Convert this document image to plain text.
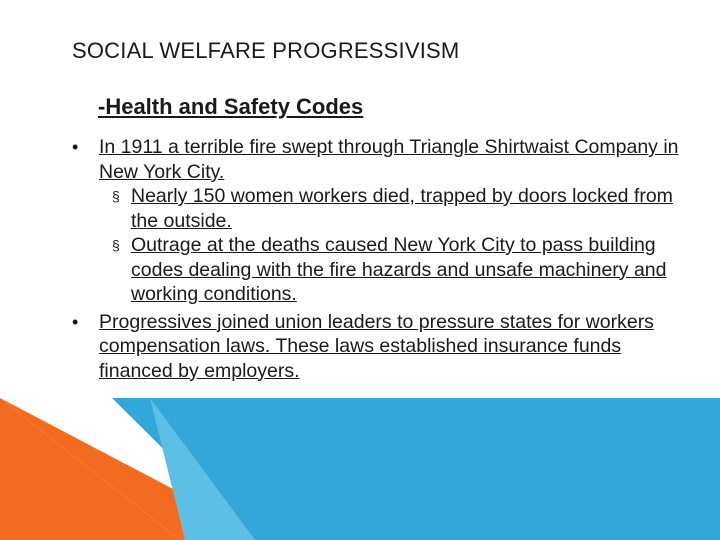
SOCIAL WELFARE PROGRESSIVISM
-Health and Safety Codes
• In 1911 a terrible fire swept through Triangle Shirtwaist Company in New York City.
§ Nearly 150 women workers died, trapped by doors locked from the outside.
§ Outrage at the deaths caused New York City to pass building codes dealing with the fire hazards and unsafe machinery and working conditions.
• Progressives joined union leaders to pressure states for workers compensation laws. These laws established insurance funds financed by employers.
